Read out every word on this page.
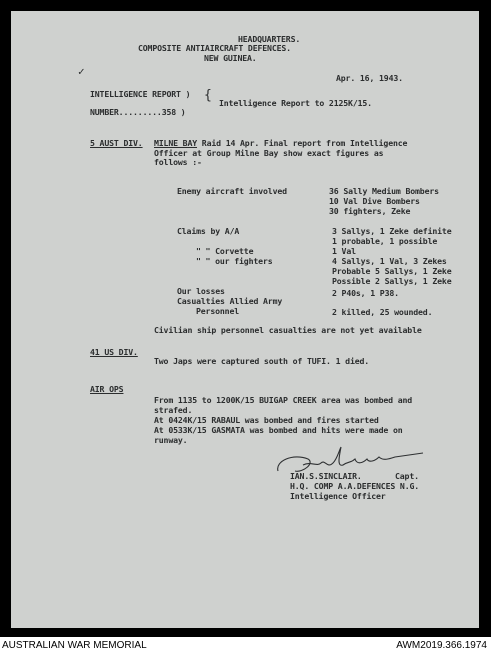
HEADQUARTERS.
COMPOSITE ANTIAIRCRAFT DEFENCES.
NEW GUINEA.
✓	Apr. 16, 1943.
INTELLIGENCE REPORT )
NUMBER.........358 )
{ Intelligence Report to 2125K/15.
5 AUST DIV. MILNE BAY Raid 14 Apr. Final report from Intelligence
Officer at Group Milne Bay show exact figures as
follows :-
Enemy aircraft involved	36 Sally Medium Bombers
10 Val Dive Bombers
30 fighters, Zeke
Claims by A/A	3 Sallys, 1 Zeke definite
1 probable, 1 possible
" " Corvette	1 Val
" " our fighters	4 Sallys, 1 Val, 3 Zekes
Probable 5 Sallys, 1 Zeke
Possible 2 Sallys, 1 Zeke
Our losses	2 P40s, 1 P38.
Casualties Allied Army
Personnel	2 killed, 25 wounded.
Civilian ship personnel casualties are not yet available
41 US DIV.
Two Japs were captured south of TUFI. 1 died.
AIR OPS
From 1135 to 1200K/15 BUIGAP CREEK area was bombed and
strafed.
At 0424K/15 RABAUL was bombed and fires started
At 0533K/15 GASMATA was bombed and hits were made on
runway.
IAN.S.SINCLAIR.	Capt.
H.Q. COMP A.A.DEFENCES N.G.
Intelligence Officer
AUSTRALIAN WAR MEMORIAL	AWM2019.366.1974
